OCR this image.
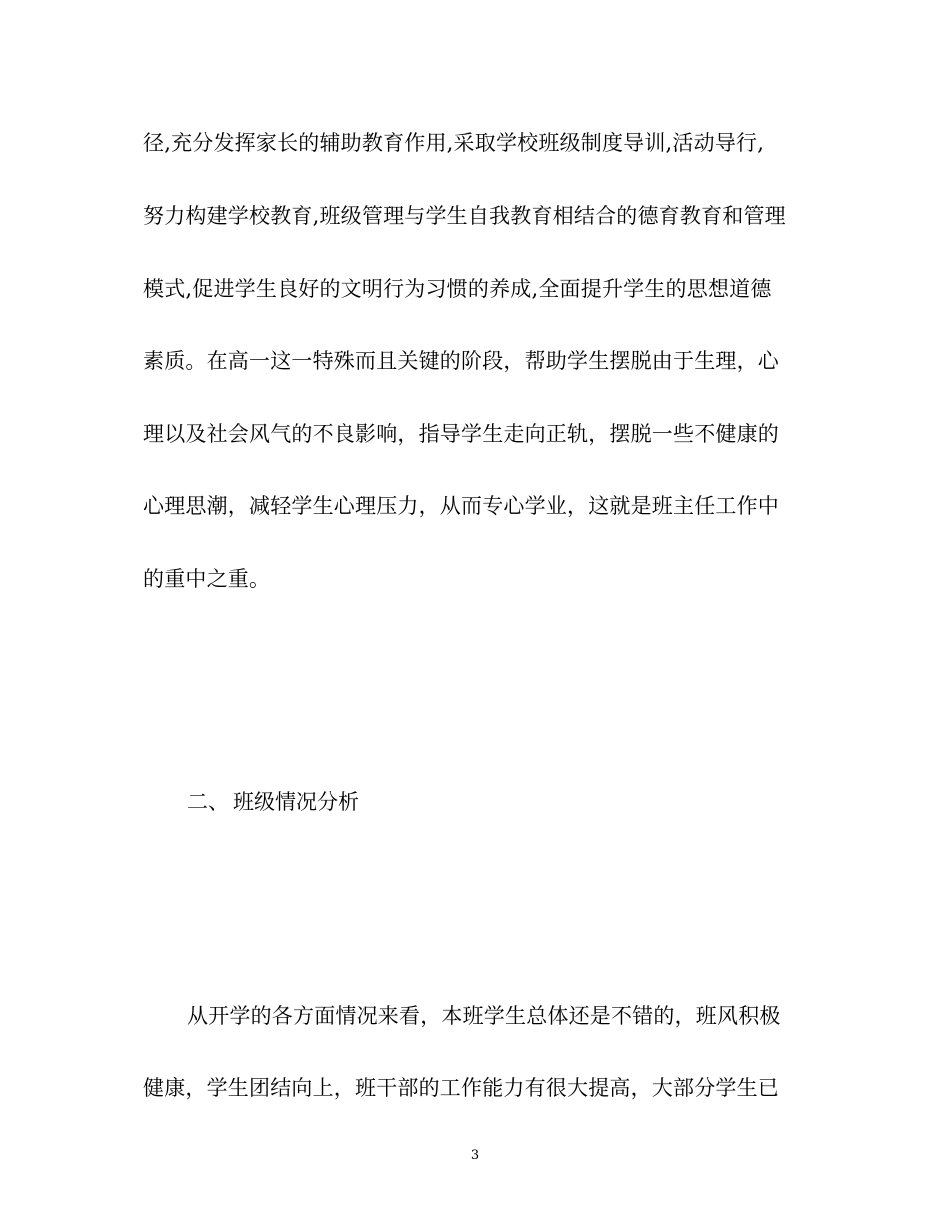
径,充分发挥家长的辅助教育作用,采取学校班级制度导训,活动导行,
努力构建学校教育,班级管理与学生自我教育相结合的德育教育和管理
模式,促进学生良好的文明行为习惯的养成,全面提升学生的思想道德
素质。在高一这一特殊而且关键的阶段，帮助学生摆脱由于生理，心
理以及社会风气的不良影响，指导学生走向正轨，摆脱一些不健康的
心理思潮，减轻学生心理压力，从而专心学业，这就是班主任工作中
的重中之重。
二、 班级情况分析
从开学的各方面情况来看，本班学生总体还是不错的，班风积极
健康，学生团结向上，班干部的工作能力有很大提高，大部分学生已
3
